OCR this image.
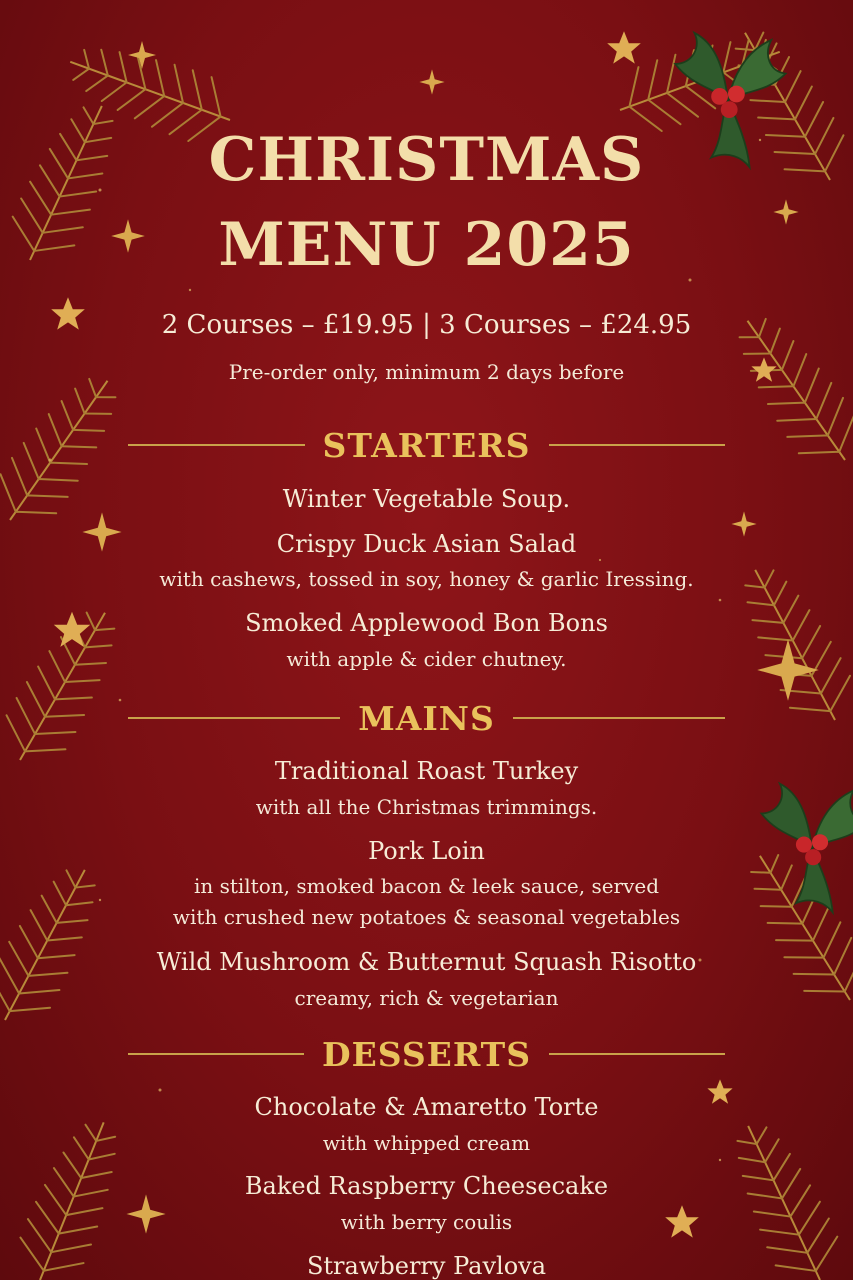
CHRISTMAS
MENU 2025
2 Courses – £19.95 | 3 Courses – £24.95
Pre-order only, minimum 2 days before
STARTERS
Winter Vegetable Soup.
Crispy Duck Asian Salad
with cashews, tossed in soy, honey & garlic Iressing.
Smoked Applewood Bon Bons
with apple & cider chutney.
MAINS
Traditional Roast Turkey
with all the Christmas trimmings.
Pork Loin
in stilton, smoked bacon & leek sauce, served
with crushed new potatoes & seasonal vegetables
Wild Mushroom & Butternut Squash Risotto
creamy, rich & vegetarian
DESSERTS
Chocolate & Amaretto Torte
with whipped cream
Baked Raspberry Cheesecake
with berry coulis
Strawberry Pavlova
